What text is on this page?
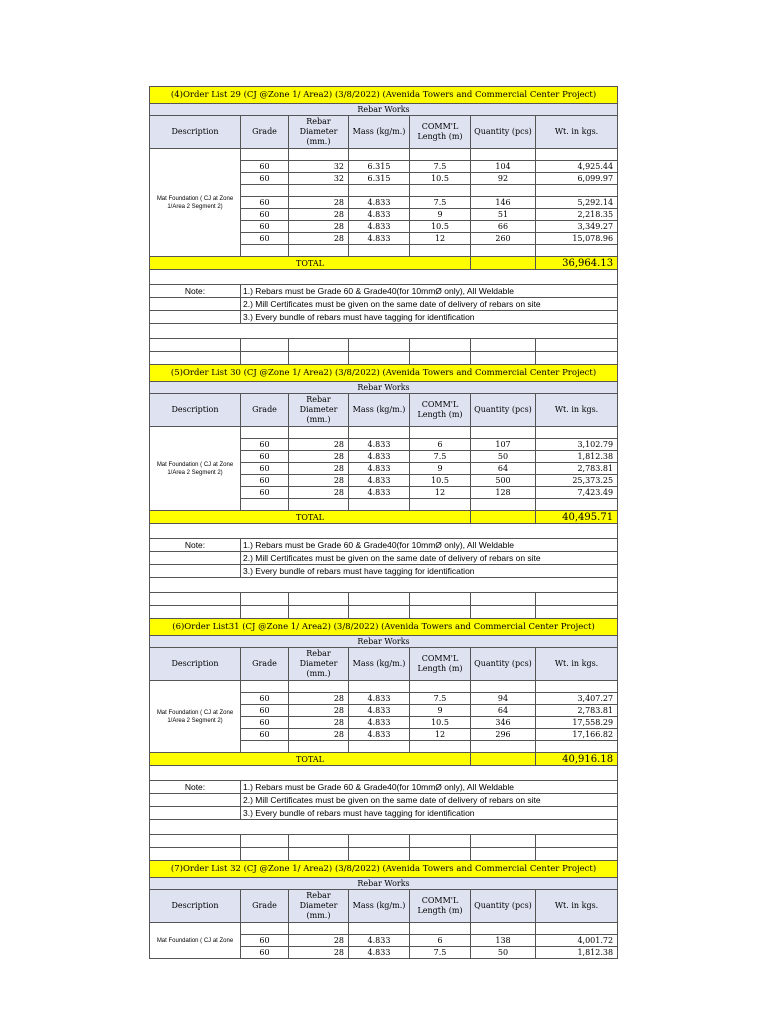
(4)Order List 29 (CJ @Zone 1/ Area2) (3/8/2022) (Avenida Towers and Commercial Center Project)						
Rebar Works						
Description	Grade	Rebar Diameter (mm.)	Mass (kg/m.)	COMM'L Length (m)	Quantity (pcs)	Wt. in kgs.
Mat Foundation ( CJ at Zone 1/Area 2 Segment 2)						
	60	32	6.315	7.5	104	4,925.44
	60	32	6.315	10.5	92	6,099.97

	60	28	4.833	7.5	146	5,292.14
	60	28	4.833	9	51	2,218.35
	60	28	4.833	10.5	66	3,349.27
	60	28	4.833	12	260	15,078.96

TOTAL						36,964.13

Note:	1.) Rebars must be Grade 60 & Grade40(for 10mmØ only), All Weldable					
	2.) Mill Certificates must be given on the same date of delivery of rebars on site					
	3.) Every bundle of rebars must have tagging for identification					

(5)Order List 30 (CJ @Zone 1/ Area2) (3/8/2022) (Avenida Towers and Commercial Center Project)						
Rebar Works						
Description	Grade	Rebar Diameter (mm.)	Mass (kg/m.)	COMM'L Length (m)	Quantity (pcs)	Wt. in kgs.
Mat Foundation ( CJ at Zone 1/Area 2 Segment 2)						
	60	28	4.833	6	107	3,102.79
	60	28	4.833	7.5	50	1,812.38
	60	28	4.833	9	64	2,783.81
	60	28	4.833	10.5	500	25,373.25
	60	28	4.833	12	128	7,423.49

TOTAL						40,495.71

Note:	1.) Rebars must be Grade 60 & Grade40(for 10mmØ only), All Weldable					
	2.) Mill Certificates must be given on the same date of delivery of rebars on site					
	3.) Every bundle of rebars must have tagging for identification					

(6)Order List31 (CJ @Zone 1/ Area2) (3/8/2022) (Avenida Towers and Commercial Center Project)						
Rebar Works						
Description	Grade	Rebar Diameter (mm.)	Mass (kg/m.)	COMM'L Length (m)	Quantity (pcs)	Wt. in kgs.
Mat Foundation ( CJ at Zone 1/Area 2 Segment 2)						
	60	28	4.833	7.5	94	3,407.27
	60	28	4.833	9	64	2,783.81
	60	28	4.833	10.5	346	17,558.29
	60	28	4.833	12	296	17,166.82

TOTAL						40,916.18

Note:	1.) Rebars must be Grade 60 & Grade40(for 10mmØ only), All Weldable					
	2.) Mill Certificates must be given on the same date of delivery of rebars on site					
	3.) Every bundle of rebars must have tagging for identification					

(7)Order List 32 (CJ @Zone 1/ Area2) (3/8/2022) (Avenida Towers and Commercial Center Project)						
Rebar Works						
Description	Grade	Rebar Diameter (mm.)	Mass (kg/m.)	COMM'L Length (m)	Quantity (pcs)	Wt. in kgs.
Mat Foundation ( CJ at Zone						
	60	28	4.833	6	138	4,001.72
	60	28	4.833	7.5	50	1,812.38
